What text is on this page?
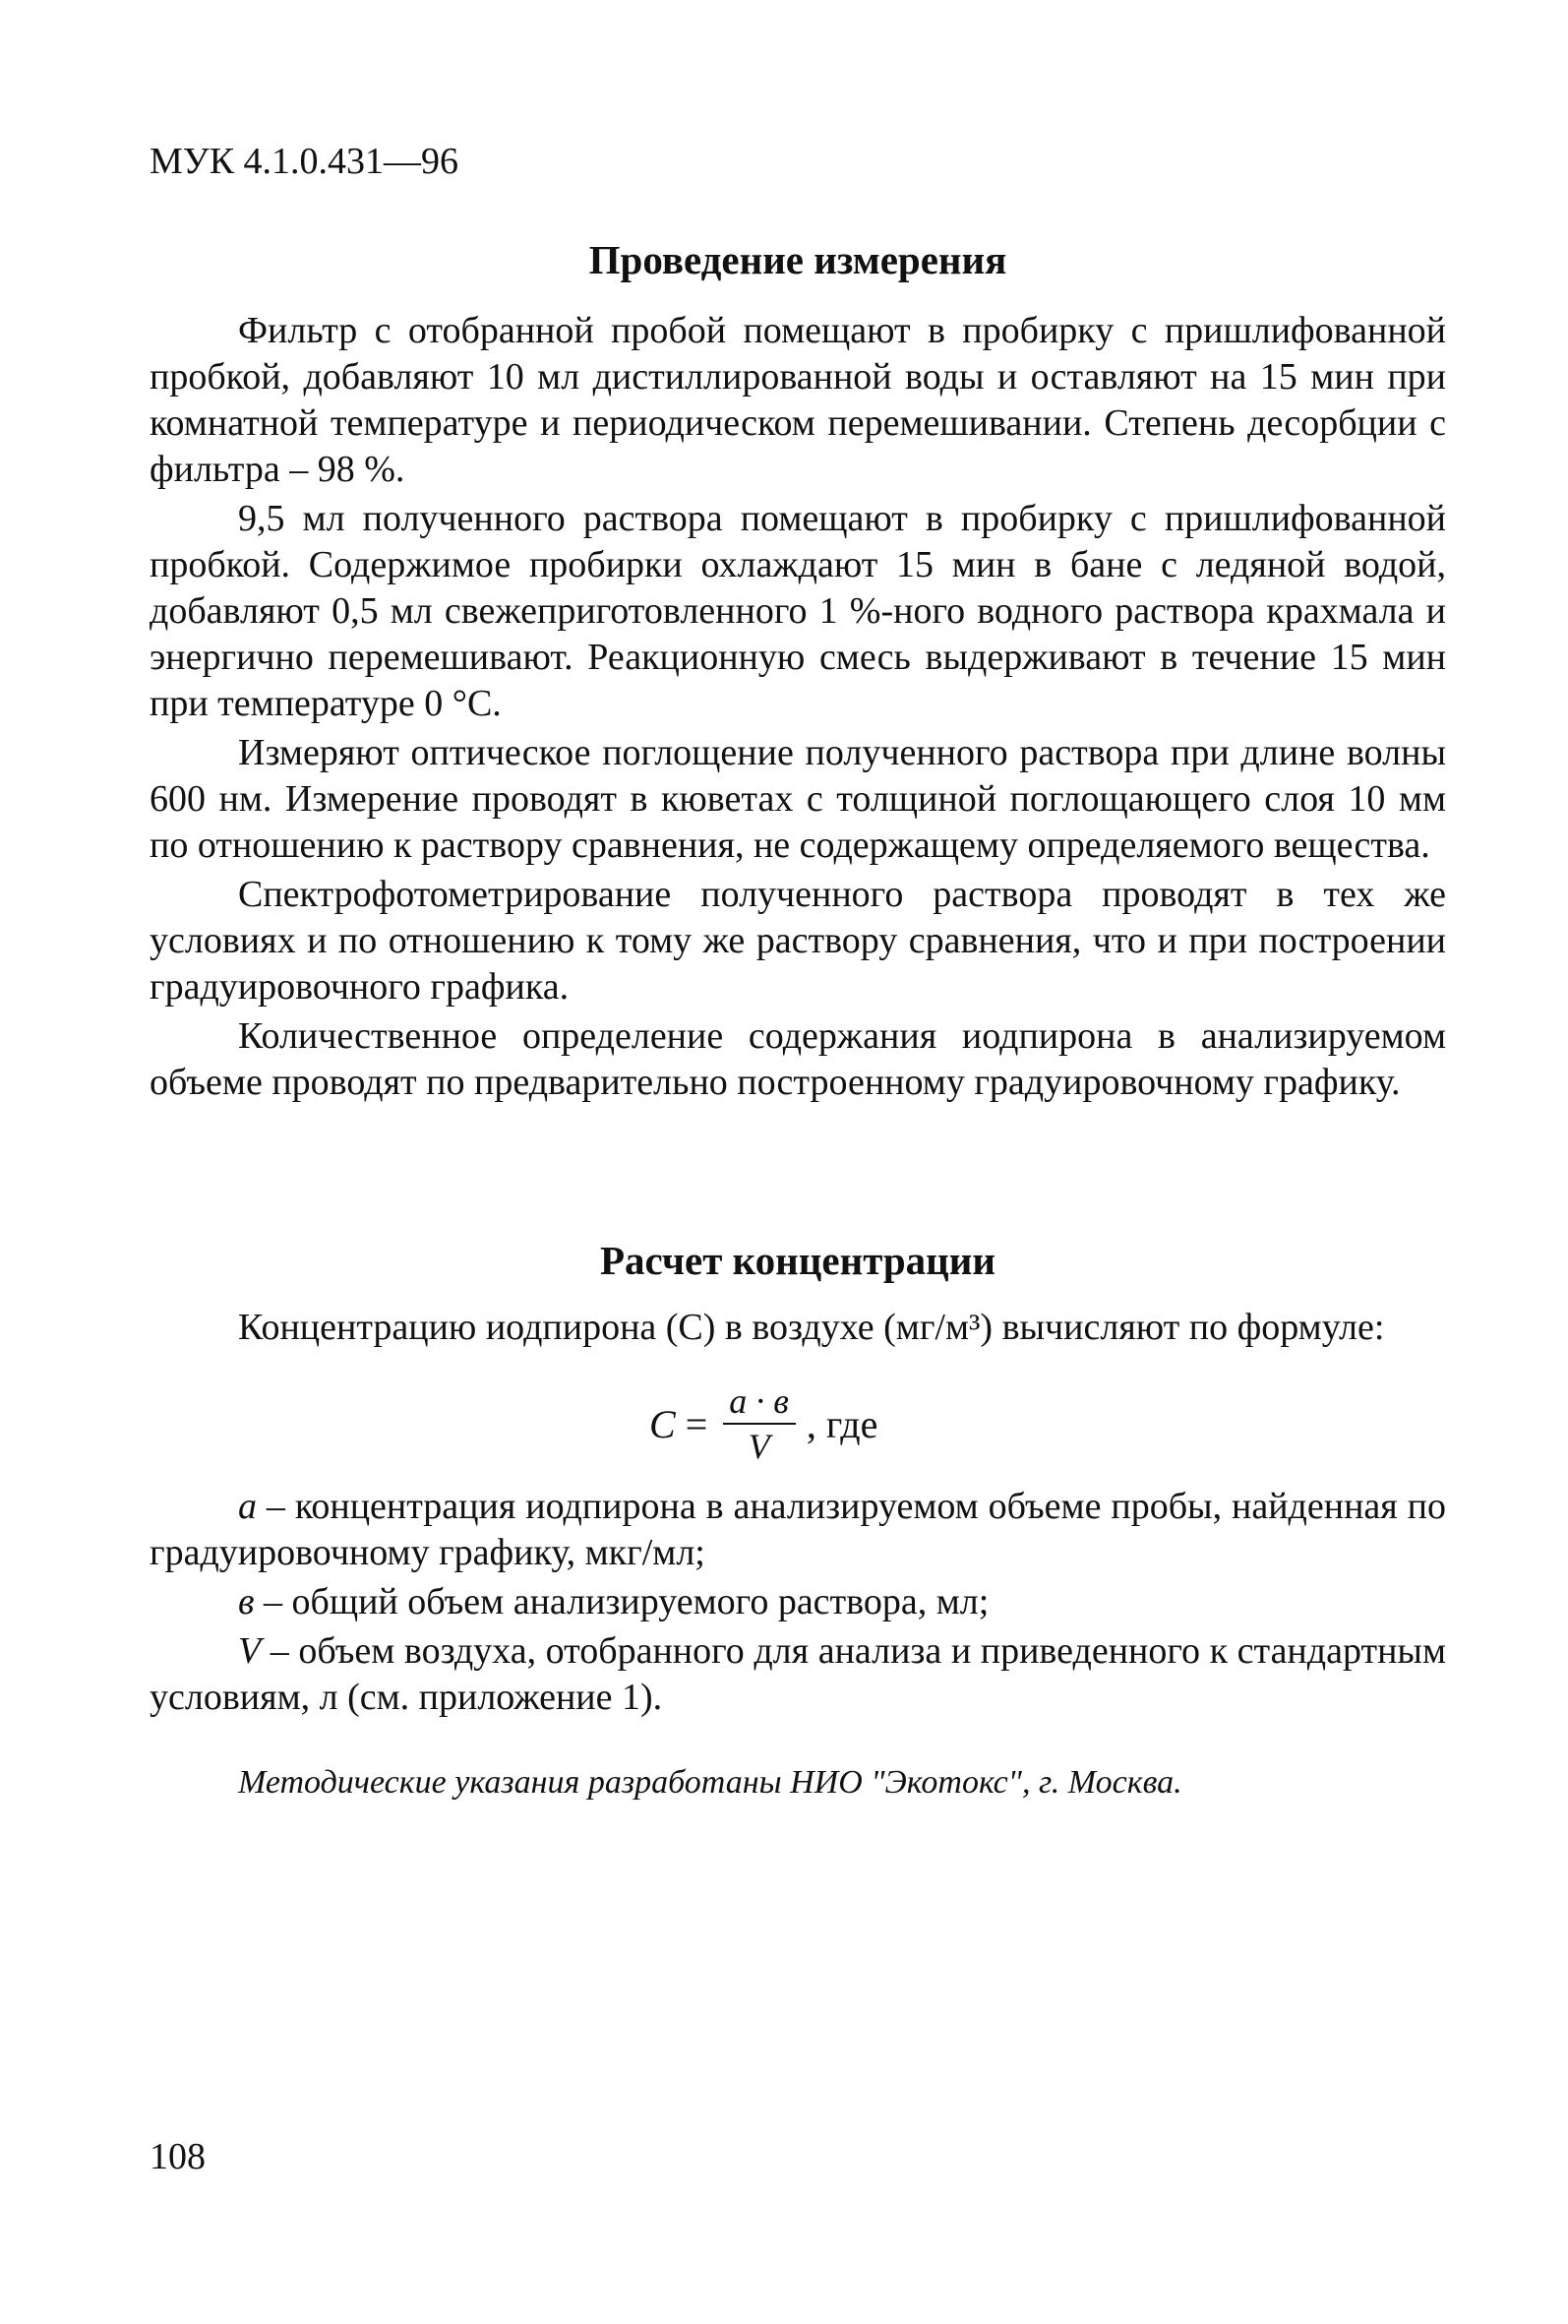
МУК 4.1.0.431—96
Проведение измерения

Фильтр с отобранной пробой помещают в пробирку с пришлифованной пробкой, добавляют 10 мл дистиллированной воды и оставляют на 15 мин при комнатной температуре и периодическом перемешивании. Степень десорбции с фильтра – 98 %.

9,5 мл полученного раствора помещают в пробирку с пришлифованной пробкой. Содержимое пробирки охлаждают 15 мин в бане с ледяной водой, добавляют 0,5 мл свежеприготовленного 1 %-ного водного раствора крахмала и энергично перемешивают. Реакционную смесь выдерживают в течение 15 мин при температуре 0 °С.

Измеряют оптическое поглощение полученного раствора при длине волны 600 нм. Измерение проводят в кюветах с толщиной поглощающего слоя 10 мм по отношению к раствору сравнения, не содержащему определяемого вещества.

Спектрофотометрирование полученного раствора проводят в тех же условиях и по отношению к тому же раствору сравнения, что и при построении градуировочного графика.

Количественное определение содержания иодпирона в анализируемом объеме проводят по предварительно построенному градуировочному графику.

Расчет концентрации
Концентрацию иодпирона (С) в воздухе (мг/м³) вычисляют по формуле:
$С = \frac{а \cdot в}{V}$ , где

а – концентрация иодпирона в анализируемом объеме пробы, найденная по градуировочному графику, мкг/мл;

в – общий объем анализируемого раствора, мл;

V – объем воздуха, отобранного для анализа и приведенного к стандартным условиям, л (см. приложение 1).

Методические указания разработаны НИО "Экотокс", г. Москва.
108
